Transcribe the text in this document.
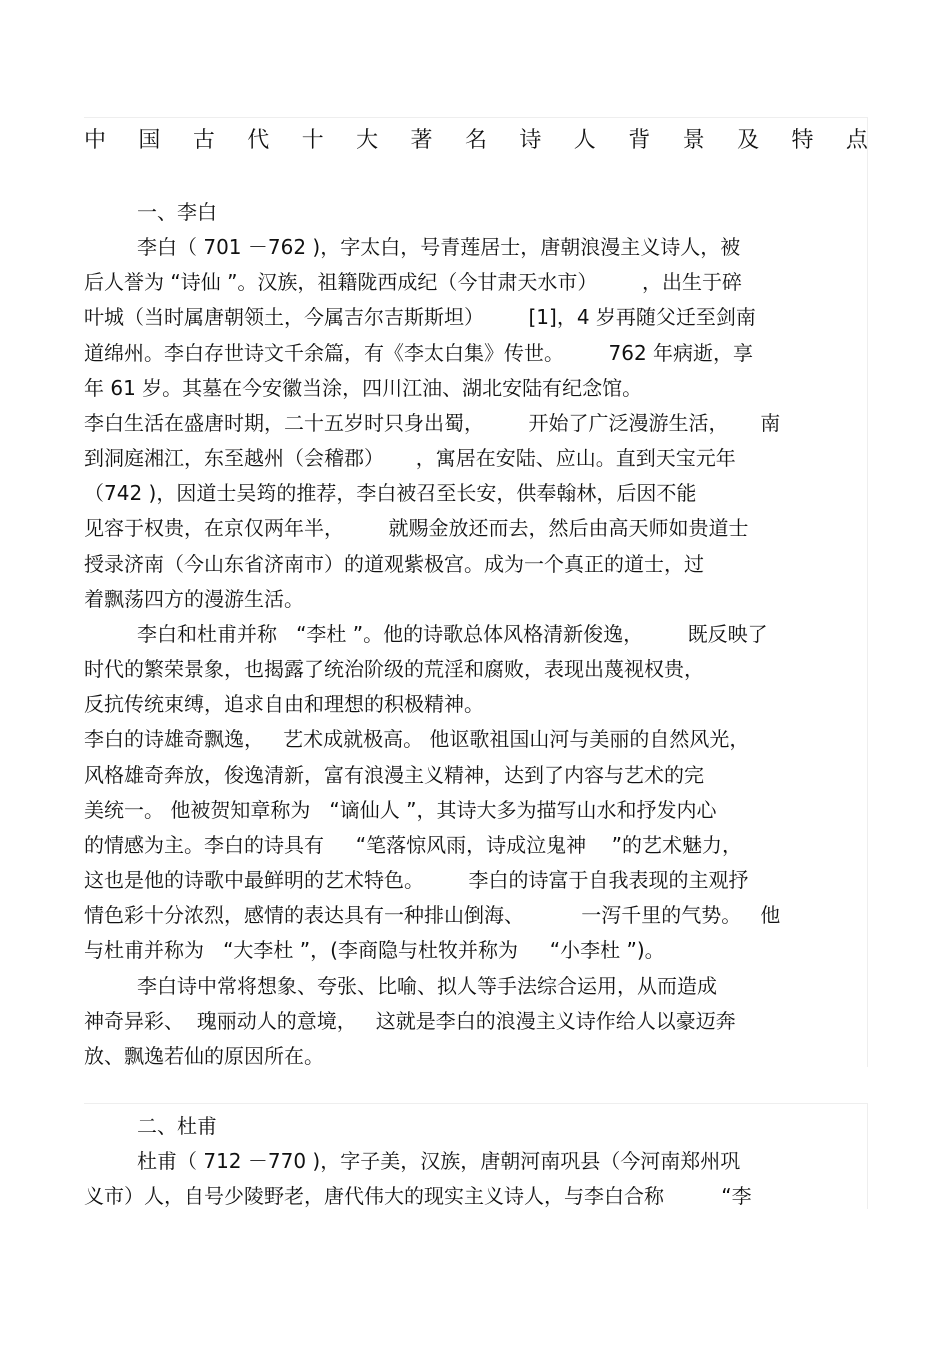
中 国 古 代 十 大 著 名 诗 人 背 景 及 特 点
一、李白
李白（ 701 －762 )，字太白，号青莲居士，唐朝浪漫主义诗人，被
后人誉为 “诗仙 ”。汉族，祖籍陇西成纪（今甘肃天水市）       ，出生于碎
叶城（当时属唐朝领土，今属吉尔吉斯斯坦）       [1]，4 岁再随父迁至剑南
道绵州。李白存世诗文千余篇，有《李太白集》传世。       762 年病逝，享
年 61 岁。其墓在今安徽当涂，四川江油、湖北安陆有纪念馆。
李白生活在盛唐时期，二十五岁时只身出蜀，       开始了广泛漫游生活，     南
到洞庭湘江，东至越州（会稽郡）     ，寓居在安陆、应山。直到天宝元年
（742 )，因道士吴筠的推荐，李白被召至长安，供奉翰林，后因不能
见容于权贵，在京仅两年半，       就赐金放还而去，然后由高天师如贵道士
授录济南（今山东省济南市）的道观紫极宫。成为一个真正的道士，过
着飘荡四方的漫游生活。
李白和杜甫并称   “李杜 ”。他的诗歌总体风格清新俊逸，       既反映了
时代的繁荣景象，也揭露了统治阶级的荒淫和腐败，表现出蔑视权贵，
反抗传统束缚，追求自由和理想的积极精神。
李白的诗雄奇飘逸，   艺术成就极高。 他讴歌祖国山河与美丽的自然风光，
风格雄奇奔放，俊逸清新，富有浪漫主义精神，达到了内容与艺术的完
美统一。 他被贺知章称为   “谪仙人 ”，其诗大多为描写山水和抒发内心
的情感为主。李白的诗具有     “笔落惊风雨，诗成泣鬼神    ”的艺术魅力，
这也是他的诗歌中最鲜明的艺术特色。       李白的诗富于自我表现的主观抒
情色彩十分浓烈，感情的表达具有一种排山倒海、         一泻千里的气势。   他
与杜甫并称为   “大李杜 ”，(李商隐与杜牧并称为     “小李杜 ”)。
李白诗中常将想象、夸张、比喻、拟人等手法综合运用，从而造成
神奇异彩、  瑰丽动人的意境，   这就是李白的浪漫主义诗作给人以豪迈奔
放、飘逸若仙的原因所在。
二、杜甫
杜甫（ 712 －770 )，字子美，汉族，唐朝河南巩县（今河南郑州巩
义市）人，自号少陵野老，唐代伟大的现实主义诗人，与李白合称         “李
